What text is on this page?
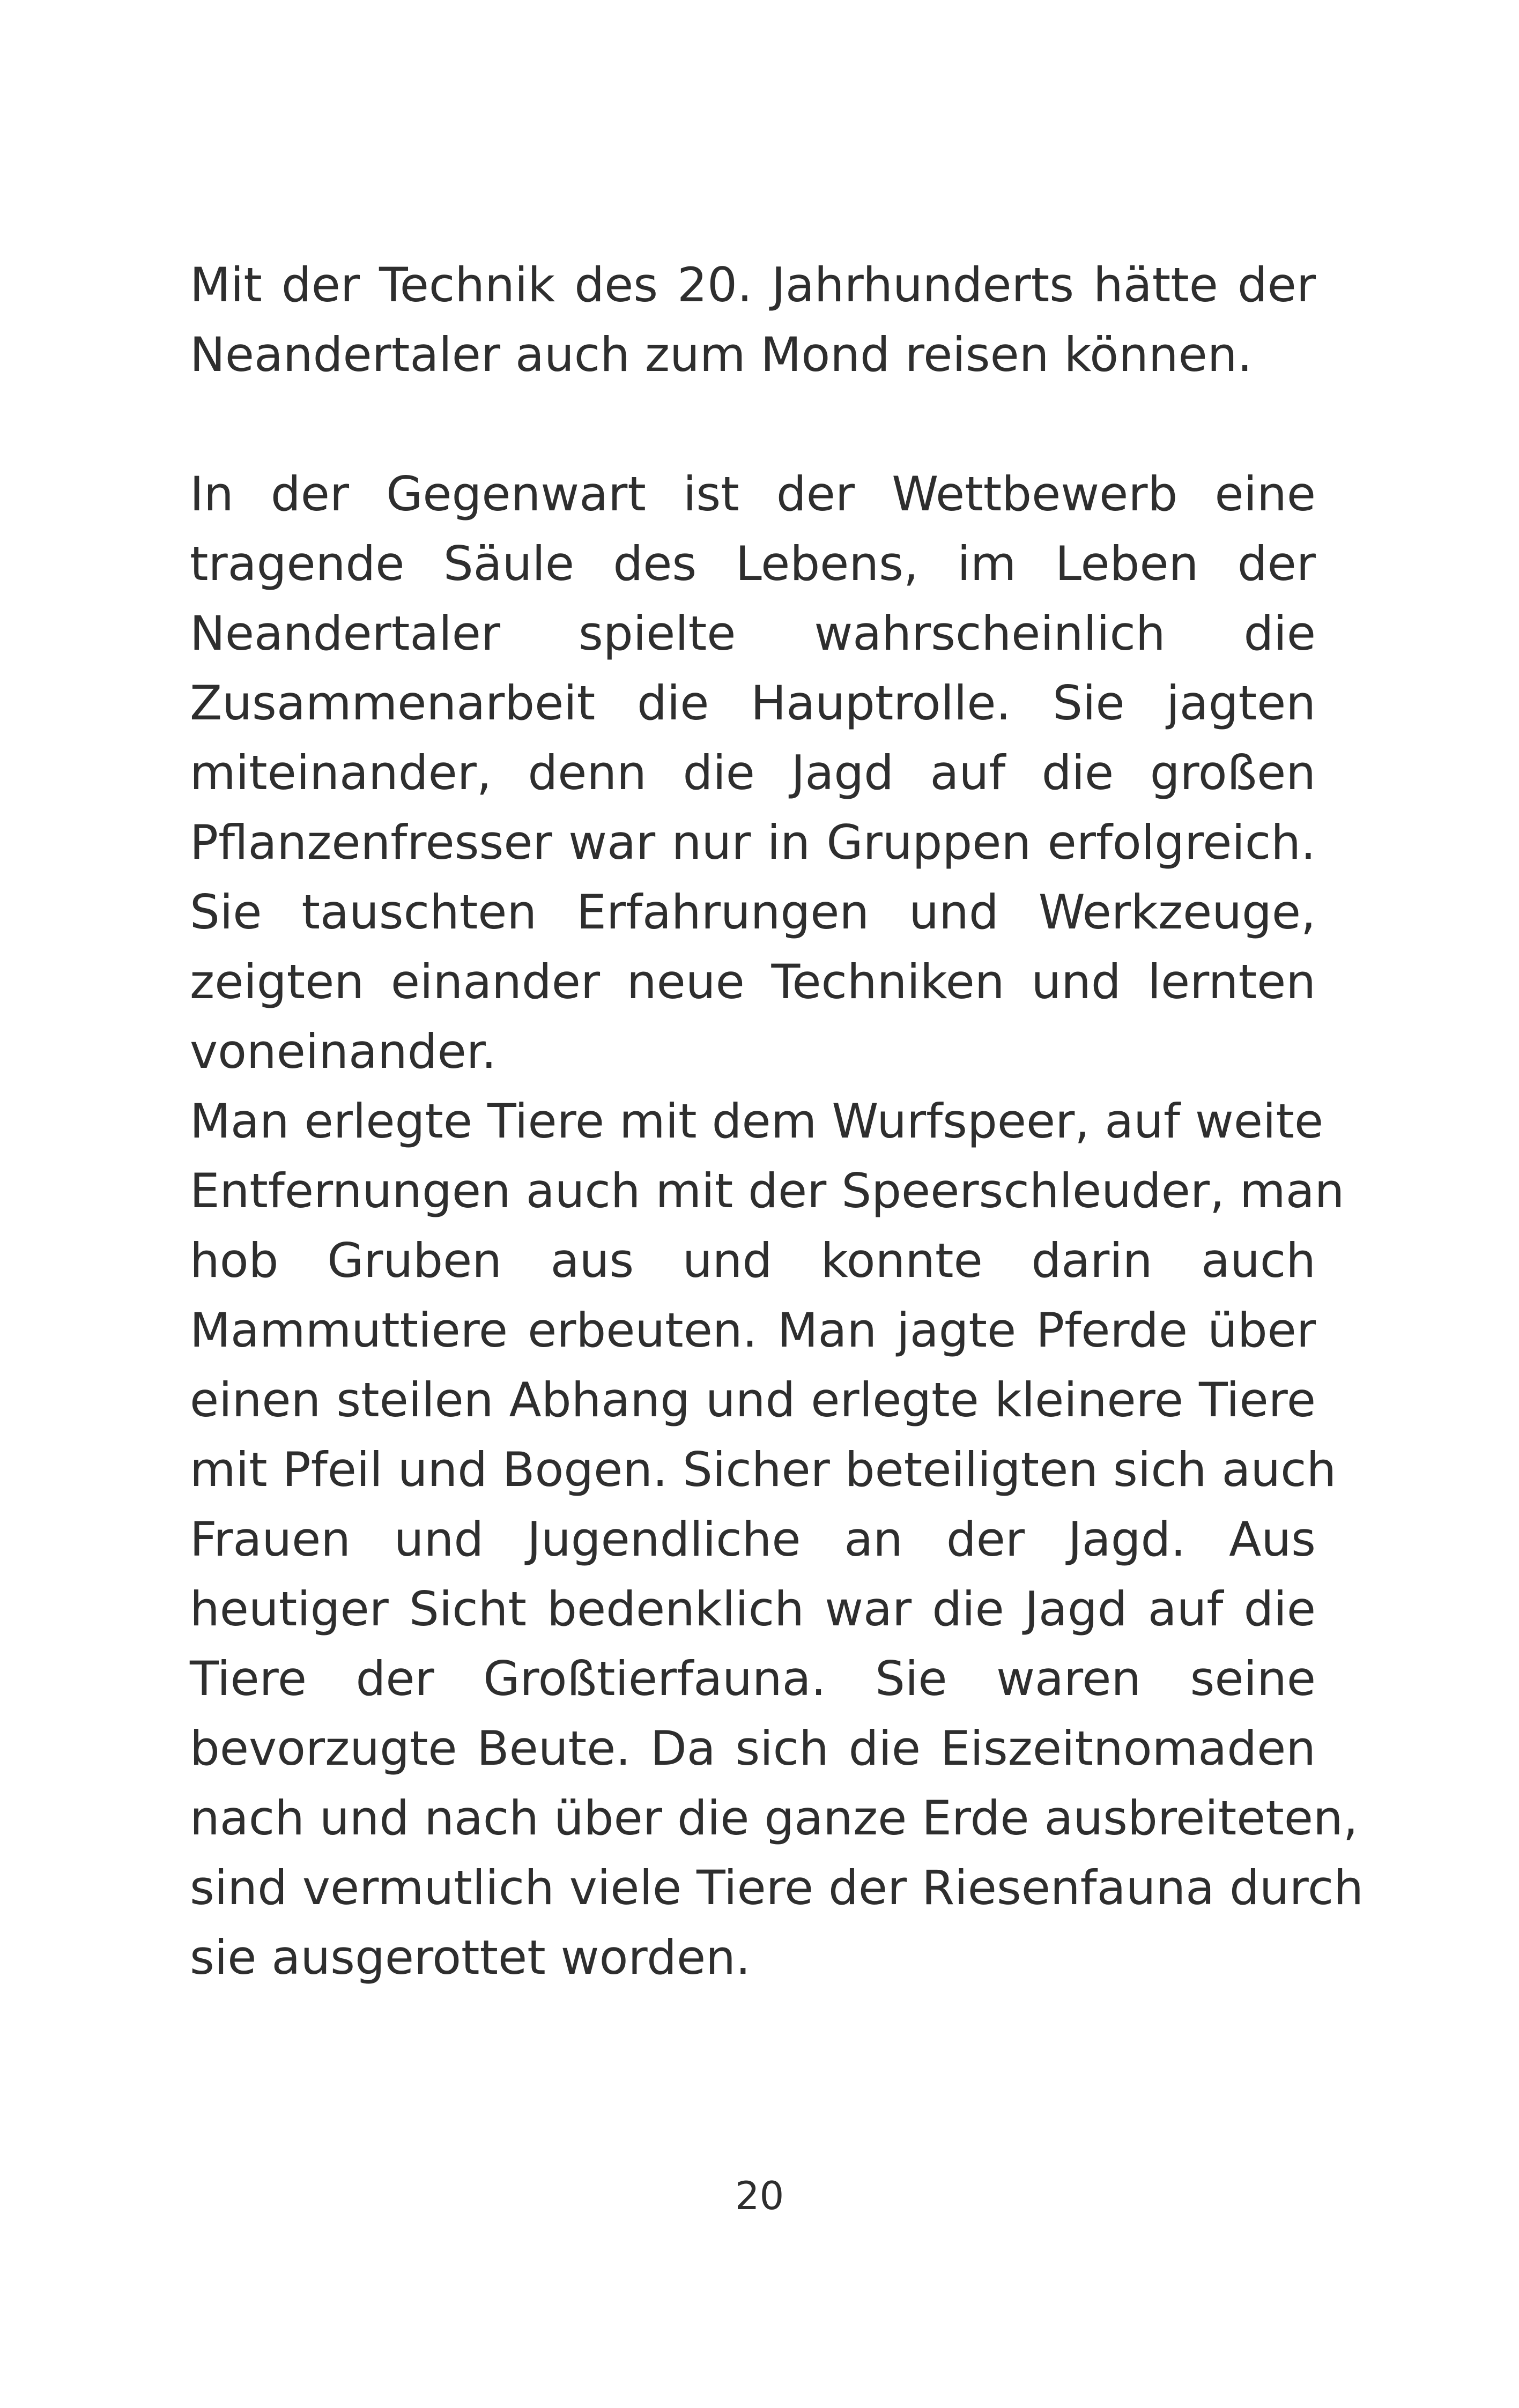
Mit der Technik des 20. Jahrhunderts hätte der
Neandertaler auch zum Mond reisen können.
In der Gegenwart ist der Wettbewerb eine
tragende Säule des Lebens, im Leben der
Neandertaler spielte wahrscheinlich die
Zusammenarbeit die Hauptrolle. Sie jagten
miteinander, denn die Jagd auf die großen
Pflanzenfresser war nur in Gruppen erfolgreich.
Sie tauschten Erfahrungen und Werkzeuge,
zeigten einander neue Techniken und lernten
voneinander.
Man erlegte Tiere mit dem Wurfspeer, auf weite
Entfernungen auch mit der Speerschleuder, man
hob Gruben aus und konnte darin auch
Mammuttiere erbeuten. Man jagte Pferde über
einen steilen Abhang und erlegte kleinere Tiere
mit Pfeil und Bogen. Sicher beteiligten sich auch
Frauen und Jugendliche an der Jagd. Aus
heutiger Sicht bedenklich war die Jagd auf die
Tiere der Großtierfauna. Sie waren seine
bevorzugte Beute. Da sich die Eiszeitnomaden
nach und nach über die ganze Erde ausbreiteten,
sind vermutlich viele Tiere der Riesenfauna durch
sie ausgerottet worden.
20
